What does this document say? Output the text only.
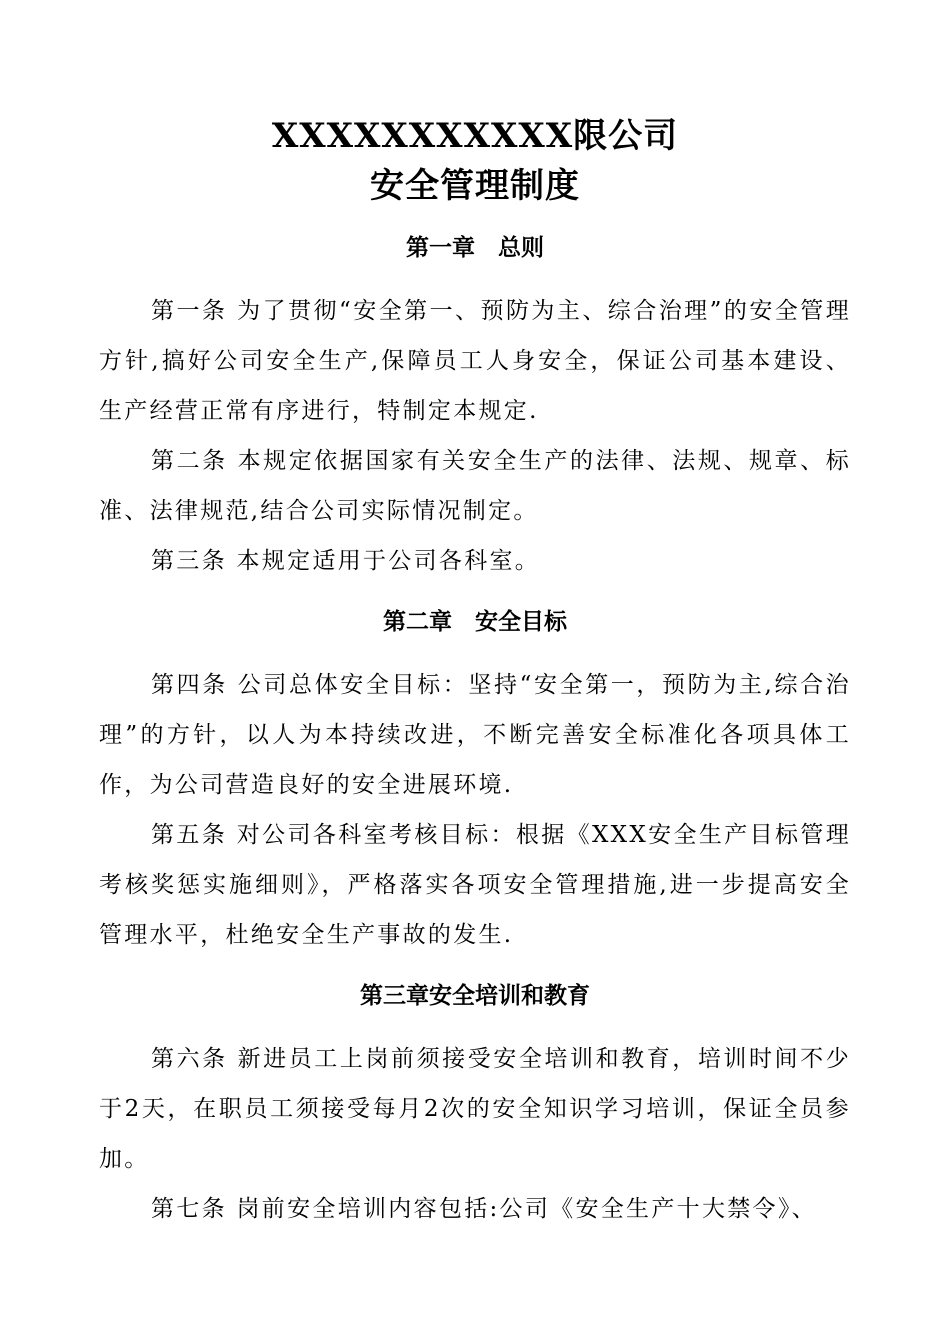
XXXXXXXXXXX限公司
安全管理制度
第一章　总则
第一条 为了贯彻“安全第一、预防为主、综合治理”的安全管理方针,搞好公司安全生产,保障员工人身安全，保证公司基本建设、生产经营正常有序进行，特制定本规定.
第二条 本规定依据国家有关安全生产的法律、法规、规章、标准、法律规范,结合公司实际情况制定。
第三条 本规定适用于公司各科室。
第二章　安全目标
第四条 公司总体安全目标：坚持“安全第一，预防为主,综合治理”的方针，以人为本持续改进，不断完善安全标准化各项具体工作，为公司营造良好的安全进展环境.
第五条 对公司各科室考核目标：根据《XXX安全生产目标管理考核奖惩实施细则》，严格落实各项安全管理措施,进一步提高安全管理水平，杜绝安全生产事故的发生.
第三章安全培训和教育
第六条 新进员工上岗前须接受安全培训和教育，培训时间不少于2天，在职员工须接受每月2次的安全知识学习培训，保证全员参加。
第七条 岗前安全培训内容包括:公司《安全生产十大禁令》、
